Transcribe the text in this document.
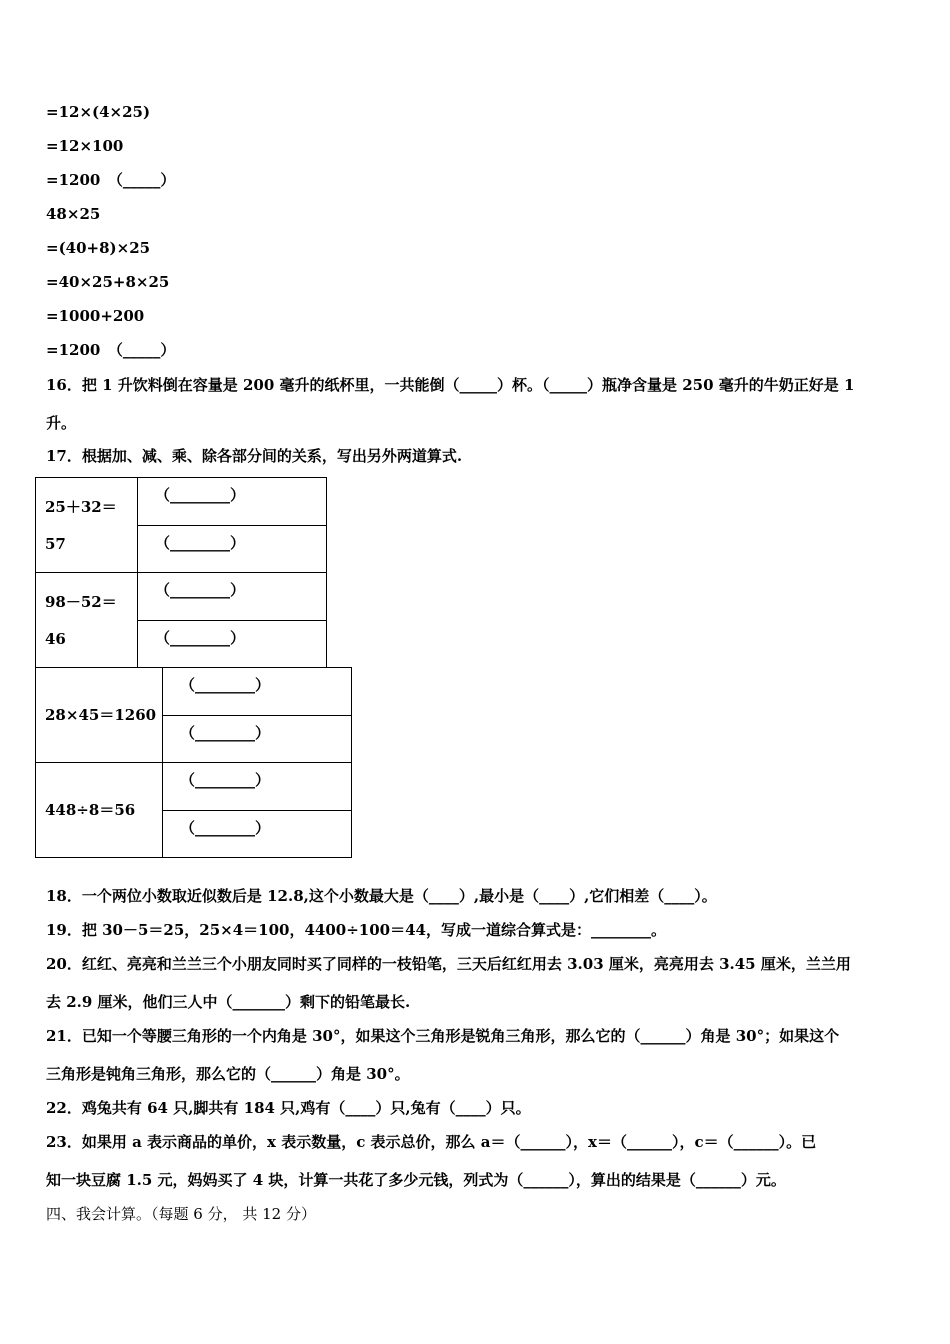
=12×(4×25)
=12×100
=1200　（_____）
48×25
=(40+8)×25
=40×25+8×25
=1000+200
=1200　（_____）
16．把 1 升饮料倒在容量是 200 毫升的纸杯里，一共能倒（_____）杯。（_____）瓶净含量是 250 毫升的牛奶正好是 1
升。
17．根据加、减、乘、除各部分间的关系，写出另外两道算式.
25＋32＝
57	（________）
	（________）

98－52＝
46	（________）
	（________）
28×45＝1260	（________）
	（________）
448÷8＝56	（________）
	（________）
18．一个两位小数取近似数后是 12.8,这个小数最大是（____）,最小是（____）,它们相差（____）。
19．把 30－5＝25，25×4＝100，4400÷100＝44，写成一道综合算式是：________。
20．红红、亮亮和兰兰三个小朋友同时买了同样的一枝铅笔，三天后红红用去 3.03 厘米，亮亮用去 3.45 厘米，兰兰用
去 2.9 厘米，他们三人中（_______）剩下的铅笔最长.
21．已知一个等腰三角形的一个内角是 30°，如果这个三角形是锐角三角形，那么它的（______）角是 30°；如果这个
三角形是钝角三角形，那么它的（______）角是 30°。
22．鸡兔共有 64 只,脚共有 184 只,鸡有（____）只,兔有（____）只。
23．如果用 a 表示商品的单价，x 表示数量，c 表示总价，那么 a＝（______），x＝（______），c＝（______）。已
知一块豆腐 1.5 元，妈妈买了 4 块，计算一共花了多少元钱，列式为（______），算出的结果是（______）元。
四、我会计算。（每题 6 分， 共 12 分）
